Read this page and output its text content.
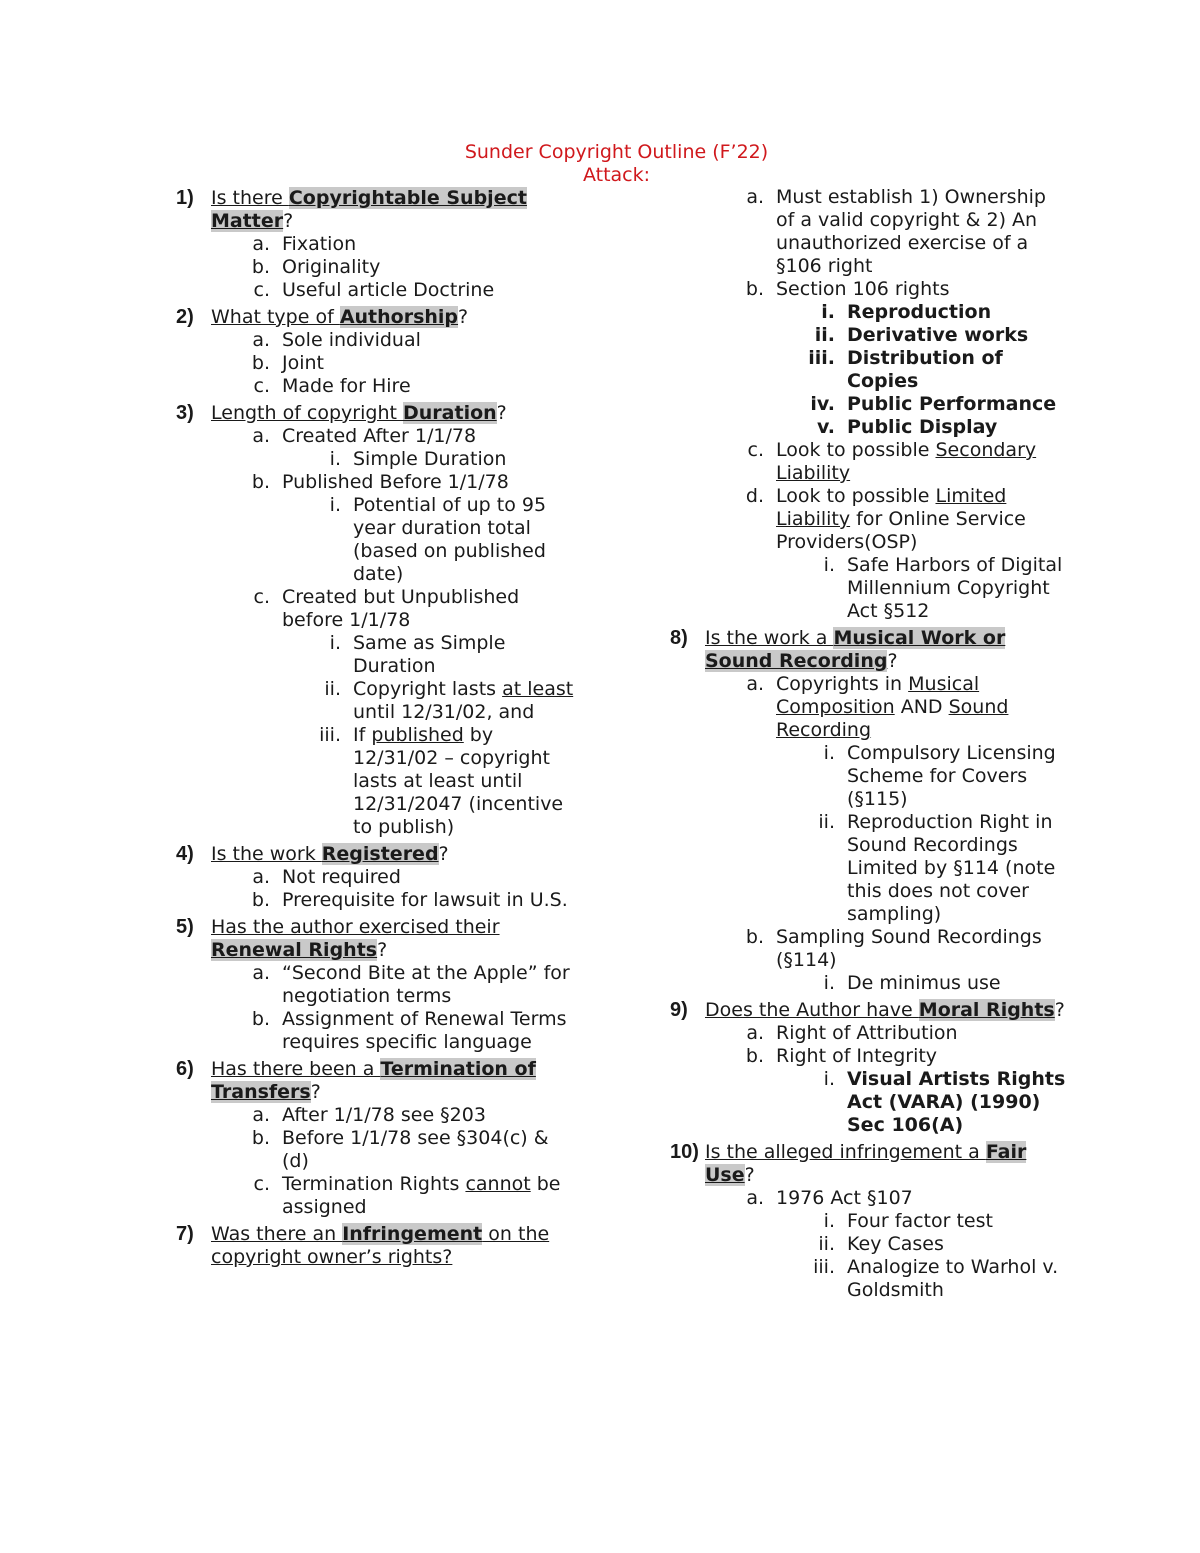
Sunder Copyright Outline (F’22)
Attack:
1) Is there Copyrightable Subject Matter?
a. Fixation
b. Originality
c. Useful article Doctrine
2) What type of Authorship?
a. Sole individual
b. Joint
c. Made for Hire
3) Length of copyright Duration?
a. Created After 1/1/78
i. Simple Duration
b. Published Before 1/1/78
i. Potential of up to 95 year duration total (based on published date)
c. Created but Unpublished before 1/1/78
i. Same as Simple Duration
ii. Copyright lasts at least until 12/31/02, and
iii. If published by 12/31/02 – copyright lasts at least until 12/31/2047 (incentive to publish)
4) Is the work Registered?
a. Not required
b. Prerequisite for lawsuit in U.S.
5) Has the author exercised their Renewal Rights?
a. “Second Bite at the Apple” for negotiation terms
b. Assignment of Renewal Terms requires specific language
6) Has there been a Termination of Transfers?
a. After 1/1/78 see §203
b. Before 1/1/78 see §304(c) & (d)
c. Termination Rights cannot be assigned
7) Was there an Infringement on the copyright owner’s rights?
a. Must establish 1) Ownership of a valid copyright & 2) An unauthorized exercise of a §106 right
b. Section 106 rights
i. Reproduction
ii. Derivative works
iii. Distribution of Copies
iv. Public Performance
v. Public Display
c. Look to possible Secondary Liability
d. Look to possible Limited Liability for Online Service Providers(OSP)
i. Safe Harbors of Digital Millennium Copyright Act §512
8) Is the work a Musical Work or Sound Recording?
a. Copyrights in Musical Composition AND Sound Recording
i. Compulsory Licensing Scheme for Covers (§115)
ii. Reproduction Right in Sound Recordings Limited by §114 (note this does not cover sampling)
b. Sampling Sound Recordings (§114)
i. De minimus use
9) Does the Author have Moral Rights?
a. Right of Attribution
b. Right of Integrity
i. Visual Artists Rights Act (VARA) (1990) Sec 106(A)
10) Is the alleged infringement a Fair Use?
a. 1976 Act §107
i. Four factor test
ii. Key Cases
iii. Analogize to Warhol v. Goldsmith
